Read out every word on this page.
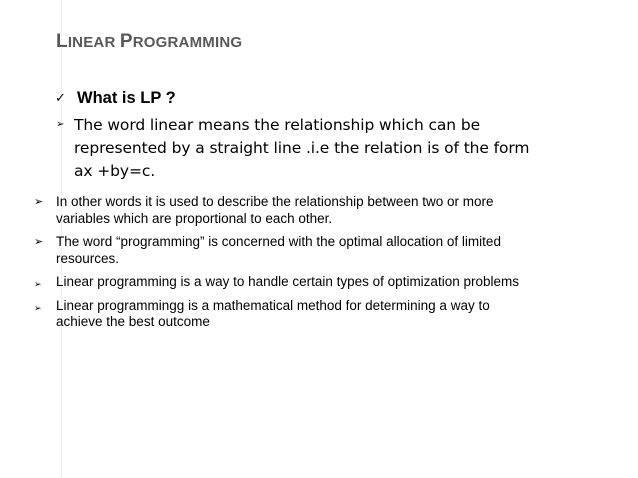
LINEAR PROGRAMMING
✓ What is LP ?
➢ The word linear means the relationship which can be
represented by a straight line .i.e the relation is of the form
ax +by=c.
➢ In other words it is used to describe the relationship between two or more
variables which are proportional to each other.
➢ The word “programming” is concerned with the optimal allocation of limited
resources.
➢ Linear programming is a way to handle certain types of optimization problems
➢ Linear programmingg is a mathematical method for determining a way to
achieve the best outcome
